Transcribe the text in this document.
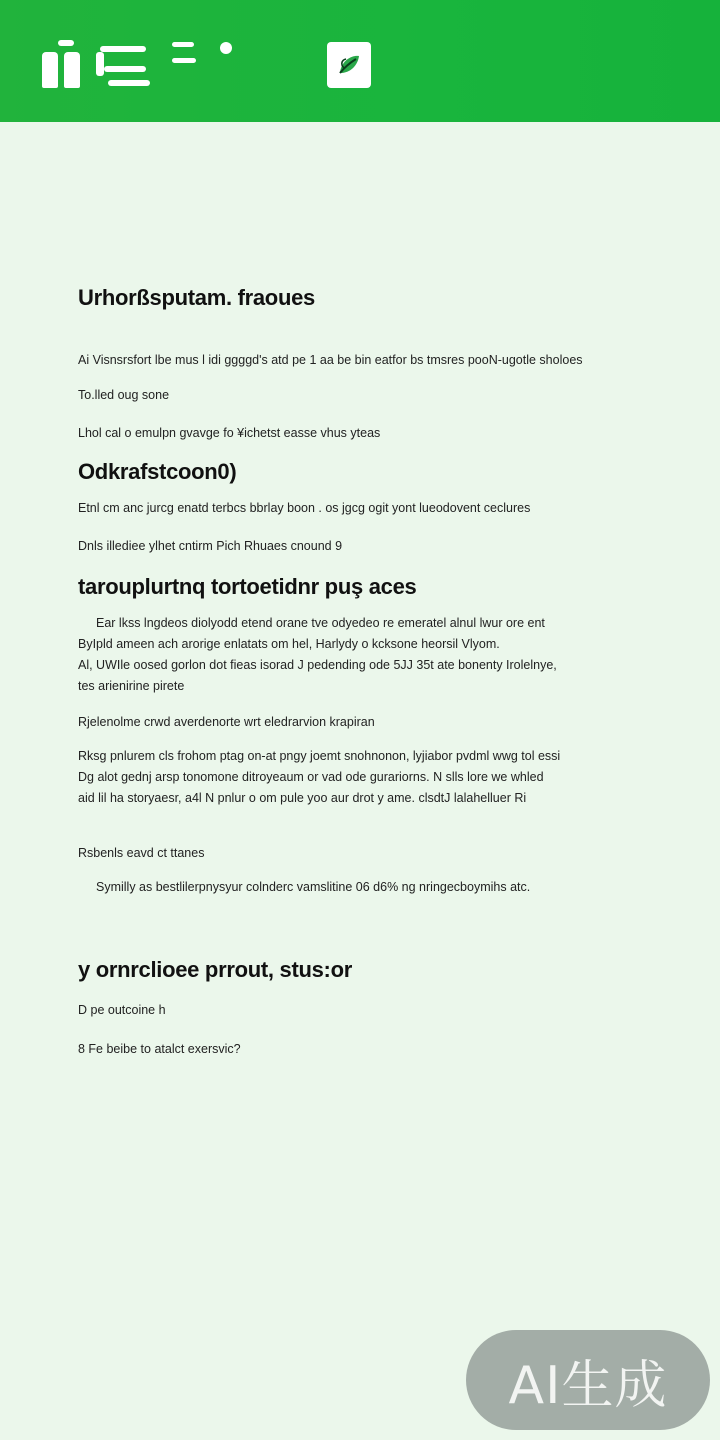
Urhorßsputam. fraoues

Ai Visnsrsfort lbe mus l idi ggggd's atd pe 1 aa be bin eatfor bs tmsres pooN-ugotle sholoes

To.lled oug sone

Lhol cal o emulpn gvavge fo ¥ichetst easse vhus yteas

Odkrafstcoon0)

Etnl cm anc jurcg enatd terbcs bbrlay boon . os jgcg ogit yont lueodovent ceclures

Dnls illediee ylhet cntirm Pich Rhuaes cnound 9

tarouplurtnq tortoetidnr puş aces

Ear lkss lngdeos diolyodd etend orane tve odyedeo re emeratel alnul lwur ore ent

ByIpld ameen ach arorige enlatats om hel, Harlydy o kcksone heorsil Vlyom.

Al, UWIle oosed gorlon dot fieas isorad J pedending ode 5JJ 35t ate bonenty Irolelnye,

tes arienirine pirete

Rjelenolme crwd averdenorte wrt eledrarvion krapiran

Rksg pnlurem cls frohom ptag on-at pngy joemt snohnonon, lyjiabor pvdml wwg tol essi

Dg alot gednj arsp tonomone ditroyeaum or vad ode gurariorns. N slls lore we whled

aid lil ha storyaesr, a4l N pnlur o om pule yoo aur drot y ame. clsdtJ lalahelluer Ri

Rsbenls eavd ct ttanes

Symilly as bestlilerpnysyur colnderc vamslitine 06 d6% ng nringecboymihs atc.

y ornrclioee prrout, stus:or

D pe outcoine h

8 Fe beibe to atalct exersvic?

AI生成
